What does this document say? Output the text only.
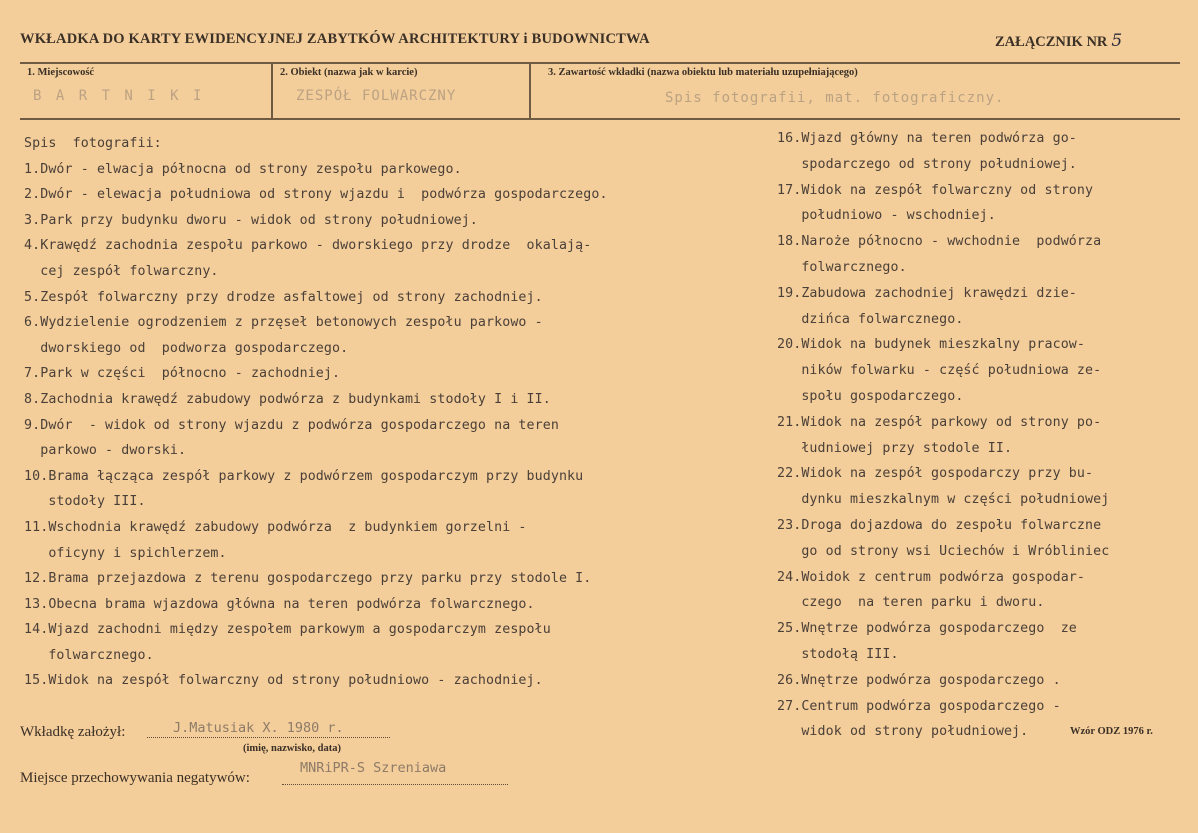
WKŁADKA DO KARTY EWIDENCYJNEJ ZABYTKÓW ARCHITEKTURY i BUDOWNICTWA	ZAŁĄCZNIK NR 5
1. Miejscowość
B A R T N I K I
2. Obiekt (nazwa jak w karcie)
ZESPÓŁ FOLWARCZNY
3. Zawartość wkładki (nazwa obiektu lub materiału uzupełniającego)
Spis fotografii, mat. fotograficzny.
Spis  fotografii:
1.Dwór - elwacja północna od strony zespołu parkowego.
2.Dwór - elewacja południowa od strony wjazdu i  podwórza gospodarczego.
3.Park przy budynku dworu - widok od strony południowej.
4.Krawędź zachodnia zespołu parkowo - dworskiego przy drodze  okalają-
cej zespół folwarczny.
5.Zespół folwarczny przy drodze asfaltowej od strony zachodniej.
6.Wydzielenie ogrodzeniem z przęseł betonowych zespołu parkowo -
dworskiego od  podworza gospodarczego.
7.Park w części  północno - zachodniej.
8.Zachodnia krawędź zabudowy podwórza z budynkami stodoły I i II.
9.Dwór  - widok od strony wjazdu z podwórza gospodarczego na teren
parkowo - dworski.
10.Brama łącząca zespół parkowy z podwórzem gospodarczym przy budynku
stodoły III.
11.Wschodnia krawędź zabudowy podwórza  z budynkiem gorzelni -
oficyny i spichlerzem.
12.Brama przejazdowa z terenu gospodarczego przy parku przy stodole I.
13.Obecna brama wjazdowa główna na teren podwórza folwarcznego.
14.Wjazd zachodni między zespołem parkowym a gospodarczym zespołu
folwarcznego.
15.Widok na zespół folwarczny od strony południowo - zachodniej.
16.Wjazd główny na teren podwórza go-
spodarczego od strony południowej.
17.Widok na zespół folwarczny od strony
południowo - wschodniej.
18.Naroże północno - wwchodnie  podwórza
folwarcznego.
19.Zabudowa zachodniej krawędzi dzie-
dzińca folwarcznego.
20.Widok na budynek mieszkalny pracow-
ników folwarku - część południowa ze-
społu gospodarczego.
21.Widok na zespół parkowy od strony po-
łudniowej przy stodole II.
22.Widok na zespół gospodarczy przy bu-
dynku mieszkalnym w części południowej
23.Droga dojazdowa do zespołu folwarczne
go od strony wsi Uciechów i Wróbliniec
24.Woidok z centrum podwórza gospodar-
czego  na teren parku i dworu.
25.Wnętrze podwórza gospodarczego  ze
stodołą III.
26.Wnętrze podwórza gospodarczego .
27.Centrum podwórza gospodarczego -
widok od strony południowej.
Wkładkę założył:	J.Matusiak X. 1980 r.
(imię, nazwisko, data)
Miejsce przechowywania negatywów:
MNRiPR-S Szreniawa
Wzór ODZ 1976 r.
